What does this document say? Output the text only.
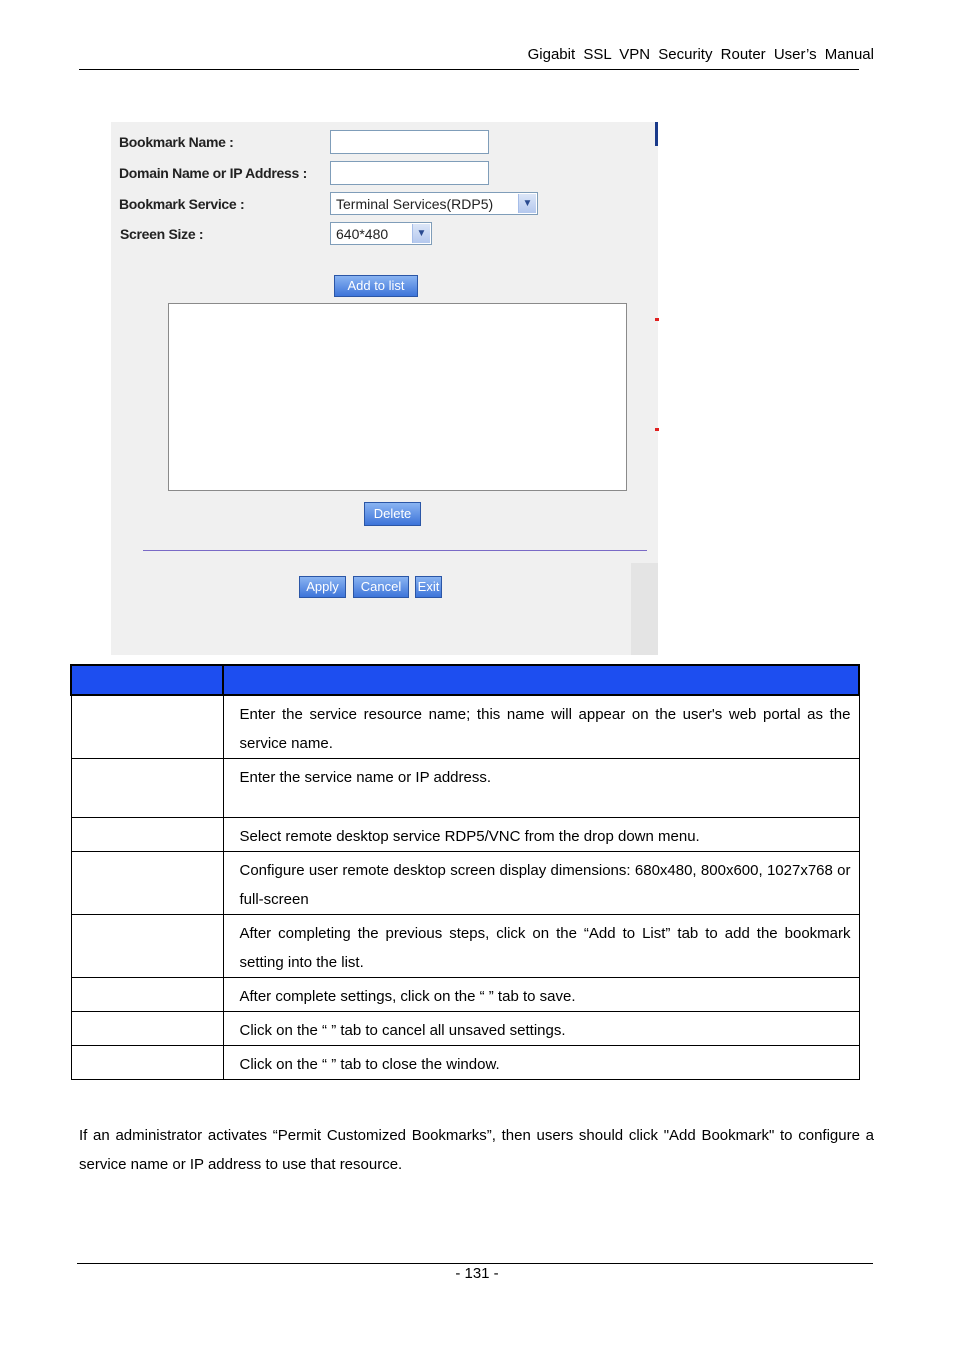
Gigabit SSL VPN Security Router User’s Manual
Bookmark Name :
Domain Name or IP Address :
Bookmark Service :	Terminal Services(RDP5)	▼
Screen Size :	640*480	▼
Add to list
Delete
Apply	Cancel	Exit

	Enter the service resource name; this name will appear on the user's web portal as the service name.
	Enter the service name or IP address.
	Select remote desktop service RDP5/VNC from the drop down menu.
	Configure user remote desktop screen display dimensions: 680x480, 800x600, 1027x768 or full-screen
	After completing the previous steps, click on the “Add to List” tab to add the bookmark setting into the list.
	After complete settings, click on the “ ” tab to save.
	Click on the “ ” tab to cancel all unsaved settings.
	Click on the “ ” tab to close the window.
If an administrator activates “Permit Customized Bookmarks”, then users should click "Add Bookmark" to configure a service name or IP address to use that resource.
- 131 -
